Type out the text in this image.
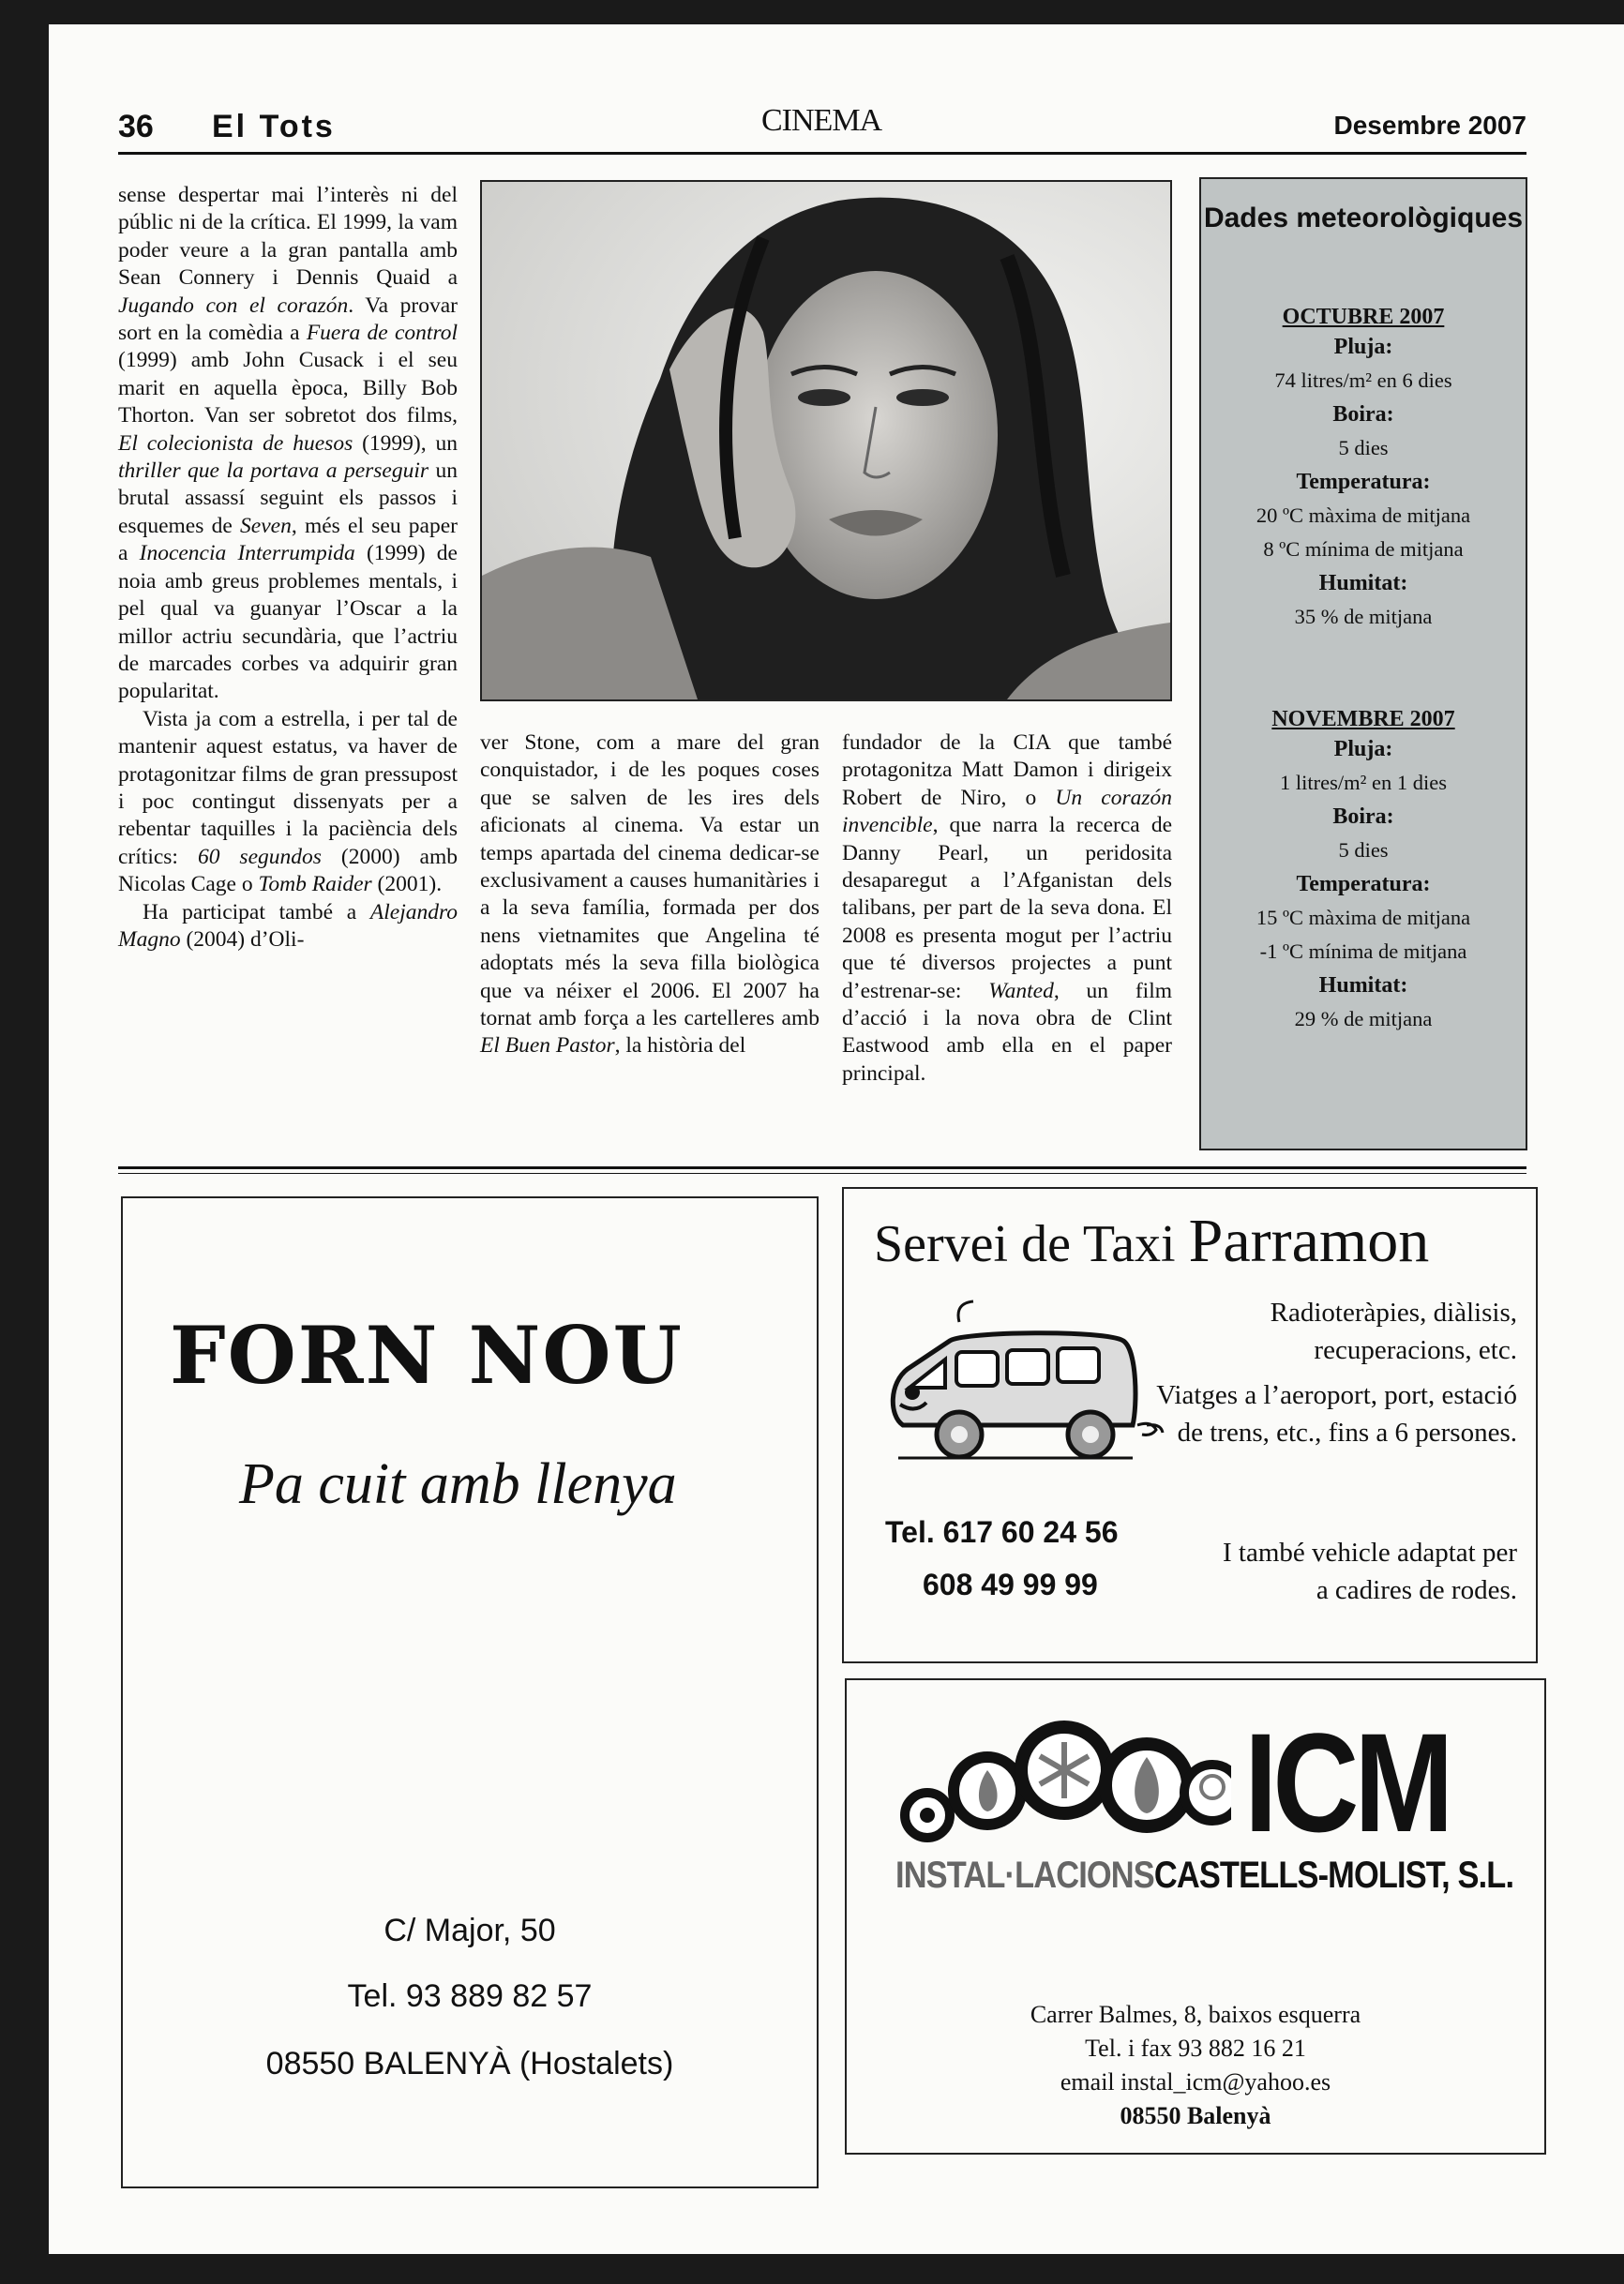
36 El Tots	CINEMA	Desembre 2007

sense despertar mai l’interès ni del públic ni de la crítica. El 1999, la vam poder veure a la gran pantalla amb Sean Connery i Dennis Quaid a Jugando con el corazón. Va provar sort en la comèdia a Fuera de control (1999) amb John Cusack i el seu marit en aquella època, Billy Bob Thorton. Van ser sobretot dos films, El colecionista de huesos (1999), un thriller que la portava a perseguir un brutal assassí seguint els passos i esquemes de Seven, més el seu paper a Inocencia Interrumpida (1999) de noia amb greus problemes mentals, i pel qual va guanyar l’Oscar a la millor actriu secundària, que l’actriu de marcades corbes va adquirir gran popularitat.

Vista ja com a estrella, i per tal de mantenir aquest estatus, va haver de protagonitzar films de gran pressupost i poc contingut dissenyats per a rebentar taquilles i la paciència dels crítics: 60 segundos (2000) amb Nicolas Cage o Tomb Raider (2001).

Ha participat també a Alejandro Magno (2004) d’Oli-

ver Stone, com a mare del gran conquistador, i de les poques coses que se salven de les ires dels aficionats al cinema. Va estar un temps apartada del cinema dedicar-se exclusivament a causes humanitàries i a la seva família, formada per dos nens vietnamites que Angelina té adoptats més la seva filla biològica que va néixer el 2006. El 2007 ha tornat amb força a les cartelleres amb El Buen Pastor, la història del

fundador de la CIA que també protagonitza Matt Damon i dirigeix Robert de Niro, o Un corazón invencible, que narra la recerca de Danny Pearl, un peridosita desaparegut a l’Afganistan dels talibans, per part de la seva dona. El 2008 es presenta mogut per l’actriu que té diversos projectes a punt d’estrenar-se: Wanted, un film d’acció i la nova obra de Clint Eastwood amb ella en el paper principal.

Dades meteorològiques
OCTUBRE 2007
Pluja:
74 litres/m² en 6 dies
Boira:
5 dies
Temperatura:
20 ºC màxima de mitjana
8 ºC mínima de mitjana
Humitat:
35 % de mitjana
NOVEMBRE 2007
Pluja:
1 litres/m² en 1 dies
Boira:
5 dies
Temperatura:
15 ºC màxima de mitjana
-1 ºC mínima de mitjana
Humitat:
29 % de mitjana
FORN NOU
Pa cuit amb llenya
C/ Major, 50
Tel. 93 889 82 57
08550 BALENYÀ (Hostalets)
Servei de Taxi Parramon
Radioteràpies, diàlisis, recuperacions, etc.
Viatges a l’aeroport, port, estació de trens, etc., fins a 6 persones.
I també vehicle adaptat per a cadires de rodes.
Tel. 617 60 24 56
608 49 99 99
ICM
INSTAL·LACIONSCASTELLS-MOLIST, S.L.
Carrer Balmes, 8, baixos esquerra
Tel. i fax 93 882 16 21
email instal_icm@yahoo.es
08550 Balenyà
